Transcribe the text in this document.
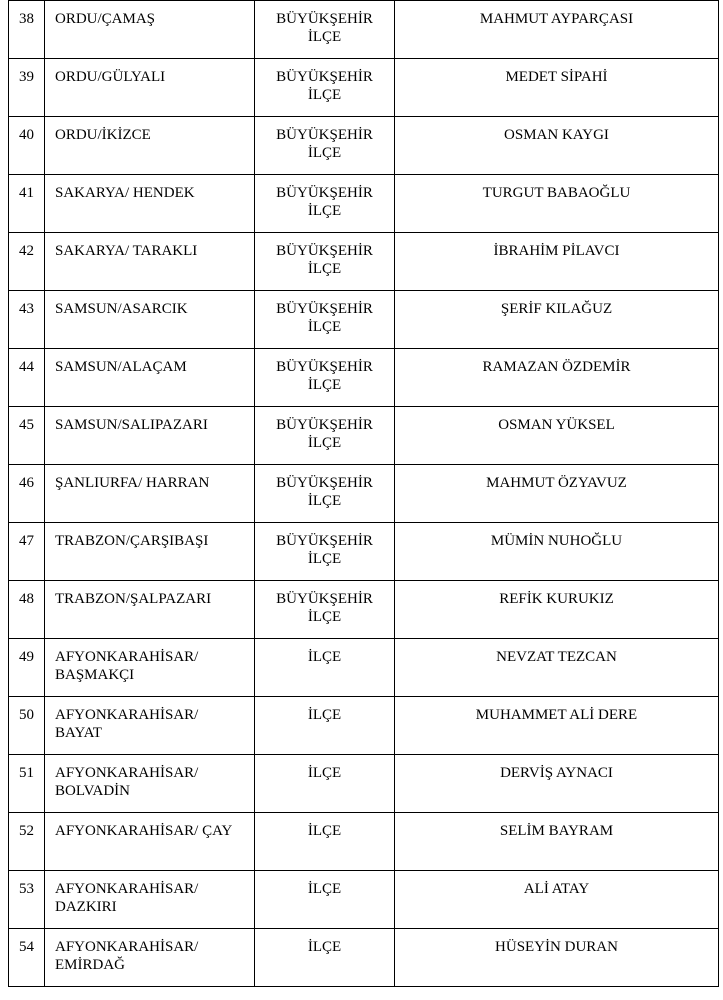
38	ORDU/ÇAMAŞ	BÜYÜKŞEHİR İLÇE	MAHMUT AYPARÇASI
39	ORDU/GÜLYALI	BÜYÜKŞEHİR İLÇE	MEDET SİPAHİ
40	ORDU/İKİZCE	BÜYÜKŞEHİR İLÇE	OSMAN KAYGI
41	SAKARYA/ HENDEK	BÜYÜKŞEHİR İLÇE	TURGUT BABAOĞLU
42	SAKARYA/ TARAKLI	BÜYÜKŞEHİR İLÇE	İBRAHİM PİLAVCI
43	SAMSUN/ASARCIK	BÜYÜKŞEHİR İLÇE	ŞERİF KILAĞUZ
44	SAMSUN/ALAÇAM	BÜYÜKŞEHİR İLÇE	RAMAZAN ÖZDEMİR
45	SAMSUN/SALIPAZARI	BÜYÜKŞEHİR İLÇE	OSMAN YÜKSEL
46	ŞANLIURFA/ HARRAN	BÜYÜKŞEHİR İLÇE	MAHMUT ÖZYAVUZ
47	TRABZON/ÇARŞIBAŞI	BÜYÜKŞEHİR İLÇE	MÜMİN NUHOĞLU
48	TRABZON/ŞALPAZARI	BÜYÜKŞEHİR İLÇE	REFİK KURUKIZ
49	AFYONKARAHİSAR/ BAŞMAKÇI	İLÇE	NEVZAT TEZCAN
50	AFYONKARAHİSAR/ BAYAT	İLÇE	MUHAMMET ALİ DERE
51	AFYONKARAHİSAR/ BOLVADİN	İLÇE	DERVİŞ AYNACI
52	AFYONKARAHİSAR/ ÇAY	İLÇE	SELİM BAYRAM
53	AFYONKARAHİSAR/ DAZKIRI	İLÇE	ALİ ATAY
54	AFYONKARAHİSAR/ EMİRDAĞ	İLÇE	HÜSEYİN DURAN
